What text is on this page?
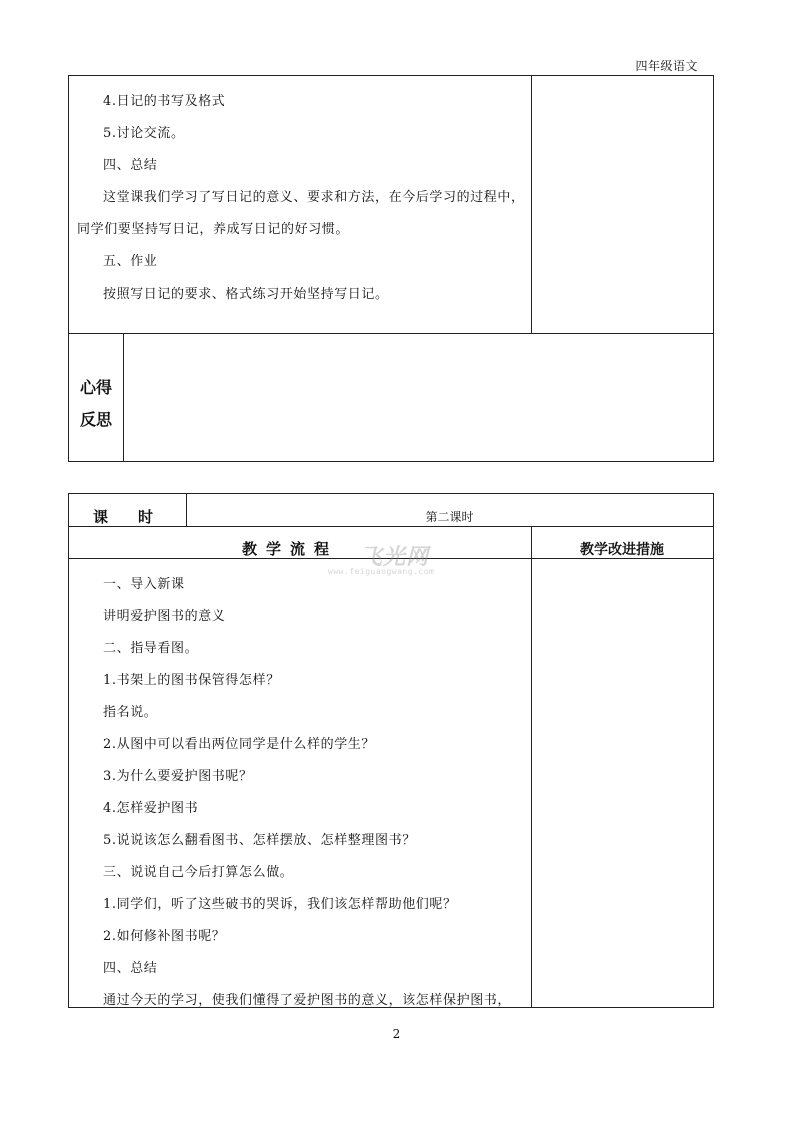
四年级语文
4.日记的书写及格式
5.讨论交流。
四、总结
这堂课我们学习了写日记的意义、要求和方法，在今后学习的过程中，
同学们要坚持写日记，养成写日记的好习惯。
五、作业
按照写日记的要求、格式练习开始坚持写日记。
心得
反思
课　　时	第二课时
教学流程	教学改进措施
飞光网
www.feiguangwang.com
一、导入新课
讲明爱护图书的意义
二、指导看图。
1.书架上的图书保管得怎样？
指名说。
2.从图中可以看出两位同学是什么样的学生？
3.为什么要爱护图书呢？
4.怎样爱护图书
5.说说该怎么翻看图书、怎样摆放、怎样整理图书？
三、说说自己今后打算怎么做。
1.同学们，听了这些破书的哭诉，我们该怎样帮助他们呢？
2.如何修补图书呢？
四、总结
通过今天的学习，使我们懂得了爱护图书的意义，该怎样保护图书，
2
